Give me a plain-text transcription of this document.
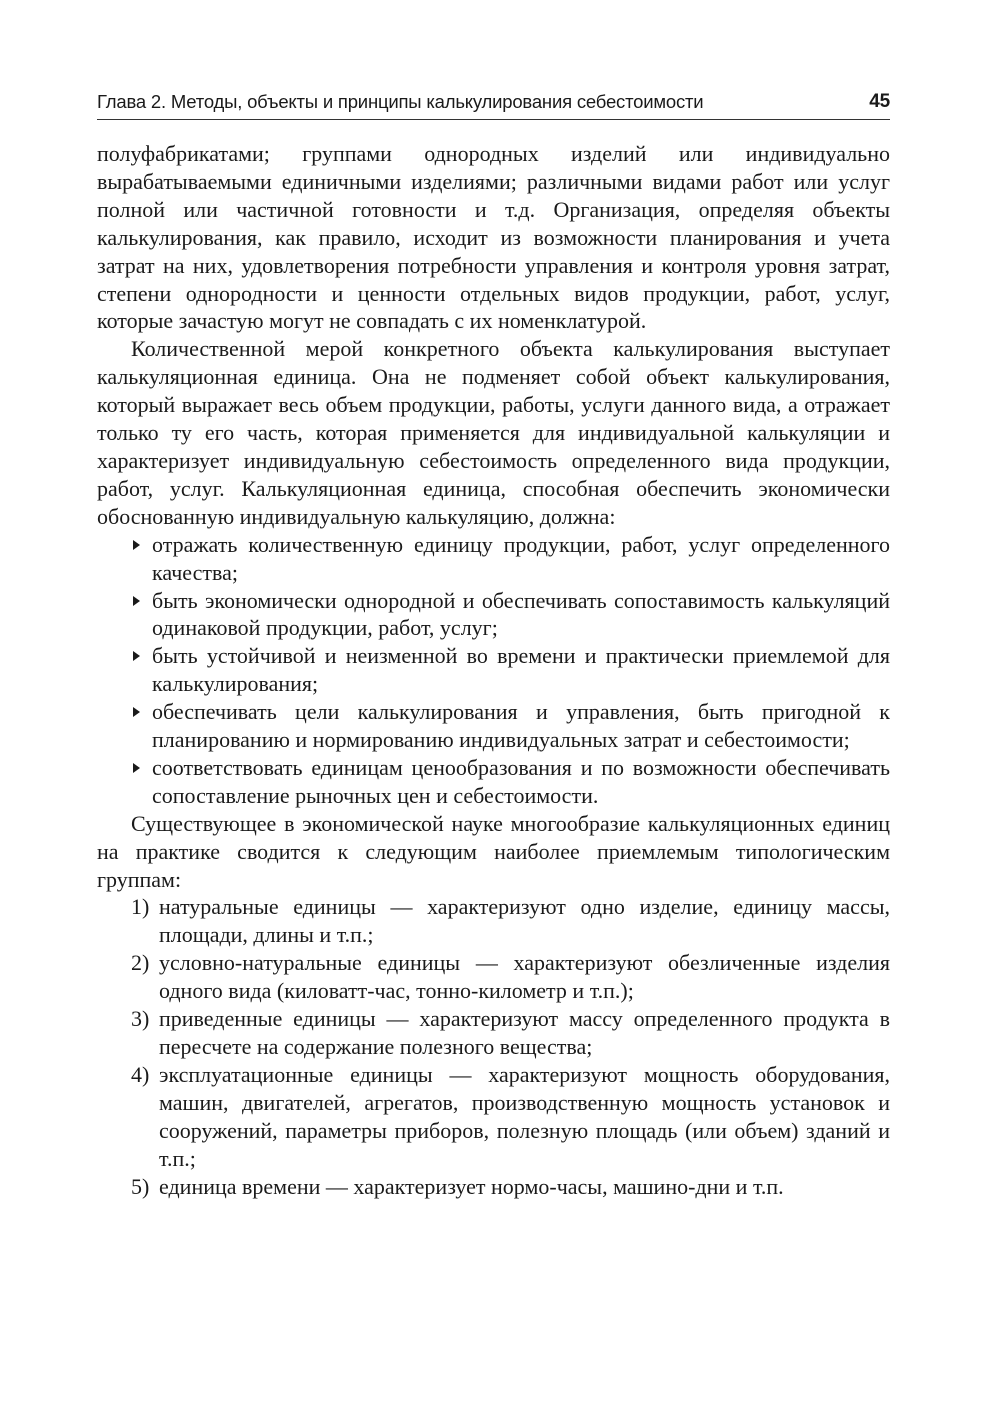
Глава 2. Методы, объекты и принципы калькулирования себестоимости	45

полуфабрикатами; группами однородных изделий или индивидуально вырабатываемыми единичными изделиями; различными видами работ или услуг полной или частичной готовности и т.д. Организация, определяя объекты калькулирования, как правило, исходит из возможности планирования и учета затрат на них, удовлетворения потребности управления и контроля уровня затрат, степени однородности и ценности отдельных видов продукции, работ, услуг, которые зачастую могут не совпадать с их номенклатурой.

Количественной мерой конкретного объекта калькулирования выступает калькуляционная единица. Она не подменяет собой объект калькулирования, который выражает весь объем продукции, работы, услуги данного вида, а отражает только ту его часть, которая применяется для индивидуальной калькуляции и характеризует индивидуальную себестоимость определенного вида продукции, работ, услуг. Калькуляционная единица, способная обеспечить экономически обоснованную индивидуальную калькуляцию, должна:

отражать количественную единицу продукции, работ, услуг определенного качества;
быть экономически однородной и обеспечивать сопоставимость калькуляций одинаковой продукции, работ, услуг;
быть устойчивой и неизменной во времени и практически приемлемой для калькулирования;
обеспечивать цели калькулирования и управления, быть пригодной к планированию и нормированию индивидуальных затрат и себестоимости;
соответствовать единицам ценообразования и по возможности обеспечивать сопоставление рыночных цен и себестоимости.

Существующее в экономической науке многообразие калькуляционных единиц на практике сводится к следующим наиболее приемлемым типологическим группам:

1) натуральные единицы — характеризуют одно изделие, единицу массы, площади, длины и т.п.;
2) условно-натуральные единицы — характеризуют обезличенные изделия одного вида (киловатт-час, тонно-километр и т.п.);
3) приведенные единицы — характеризуют массу определенного продукта в пересчете на содержание полезного вещества;
4) эксплуатационные единицы — характеризуют мощность оборудования, машин, двигателей, агрегатов, производственную мощность установок и сооружений, параметры приборов, полезную площадь (или объем) зданий и т.п.;
5) единица времени — характеризует нормо-часы, машино-дни и т.п.
